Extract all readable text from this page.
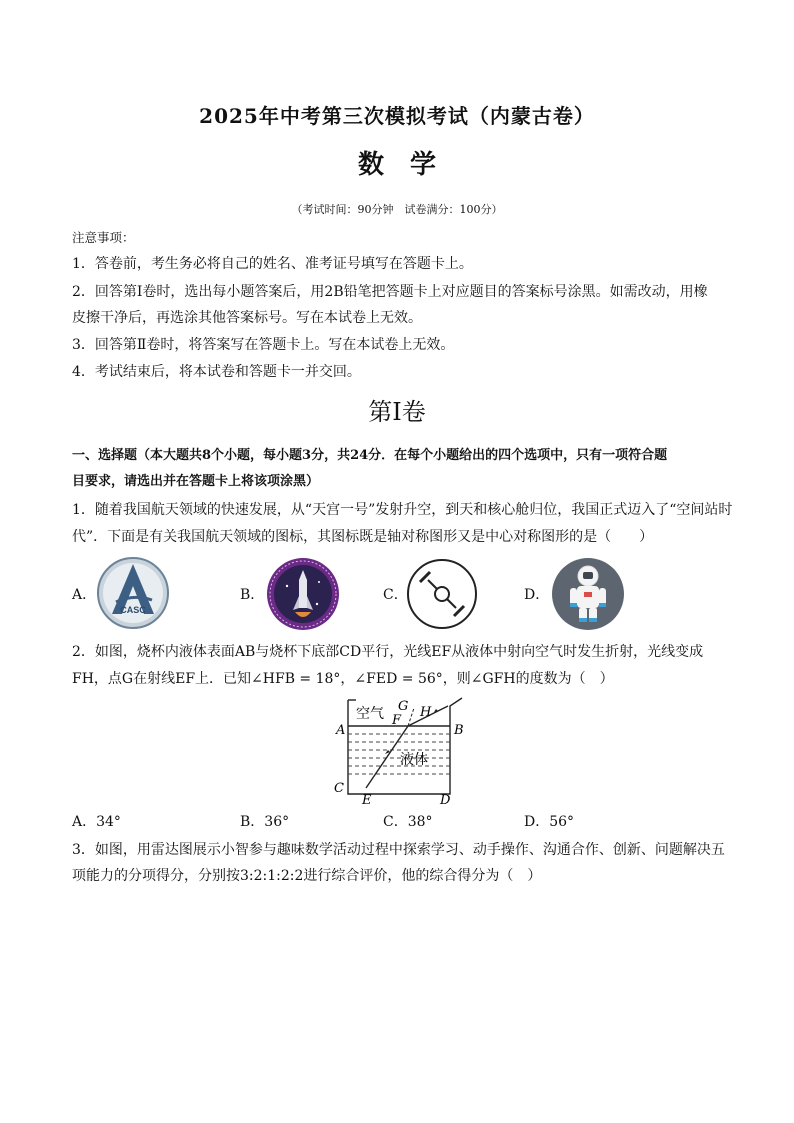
2025年中考第三次模拟考试（内蒙古卷）
数　学
（考试时间：90分钟　试卷满分：100分）
注意事项：
1．答卷前，考生务必将自己的姓名、准考证号填写在答题卡上。
2．回答第Ⅰ卷时，选出每小题答案后，用2B铅笔把答题卡上对应题目的答案标号涂黑。如需改动，用橡
皮擦干净后，再选涂其他答案标号。写在本试卷上无效。
3．回答第Ⅱ卷时，将答案写在答题卡上。写在本试卷上无效。
4．考试结束后，将本试卷和答题卡一并交回。
第Ⅰ卷
一、选择题（本大题共8个小题，每小题3分，共24分．在每个小题给出的四个选项中，只有一项符合题
目要求，请选出并在答题卡上将该项涂黑）
1．随着我国航天领域的快速发展，从“天宫一号”发射升空，到天和核心舱归位，我国正式迈入了“空间站时
代”．下面是有关我国航天领域的图标，其图标既是轴对称图形又是中心对称图形的是（　　）
A．
CASC
B．	C．	D．
2．如图，烧杯内液体表面AB与烧杯下底部CD平行，光线EF从液体中射向空气时发生折射，光线变成
FH，点G在射线EF上．已知∠HFB = 18°，∠FED = 56°，则∠GFH的度数为（　）
空气
液体
A	B
C
D
E
F
G H
A．34°	B．36°	C．38°	D．56°
3．如图，用雷达图展示小智参与趣味数学活动过程中探索学习、动手操作、沟通合作、创新、问题解决五
项能力的分项得分，分别按3:2:1:2:2进行综合评价，他的综合得分为（　）
